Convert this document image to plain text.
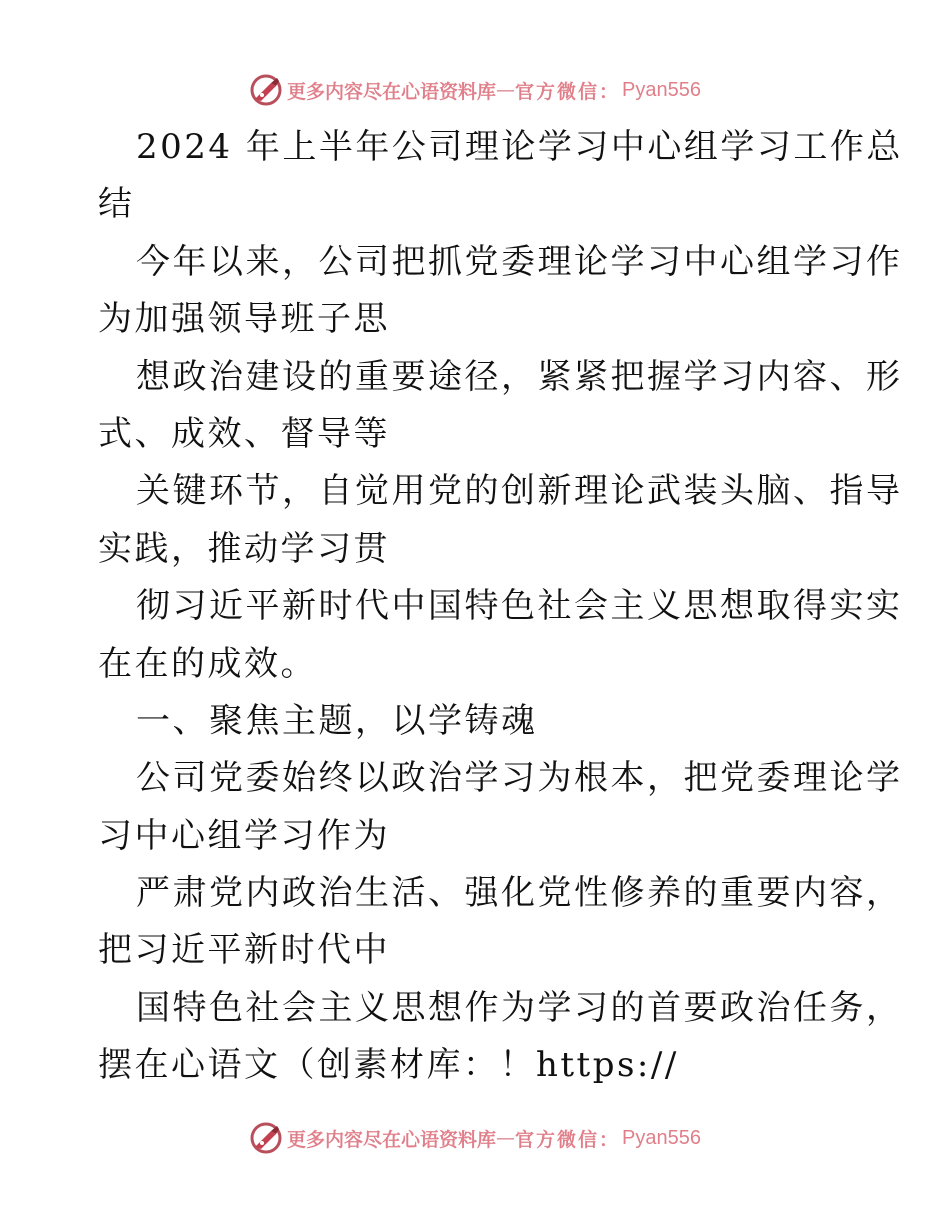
更多内容尽在心语资料库 — 官方微信： Pyan556
2024 年上半年公司理论学习中心组学习工作总
结
今年以来，公司把抓党委理论学习中心组学习作
为加强领导班子思
想政治建设的重要途径，紧紧把握学习内容、形
式、成效、督导等
关键环节，自觉用党的创新理论武装头脑、指导
实践，推动学习贯
彻习近平新时代中国特色社会主义思想取得实实
在在的成效。
一、聚焦主题，以学铸魂
公司党委始终以政治学习为根本，把党委理论学
习中心组学习作为
严肃党内政治生活、强化党性修养的重要内容，
把习近平新时代中
国特色社会主义思想作为学习的首要政治任务，
摆在心语文（创素材库：！https://
更多内容尽在心语资料库 — 官方微信： Pyan556
